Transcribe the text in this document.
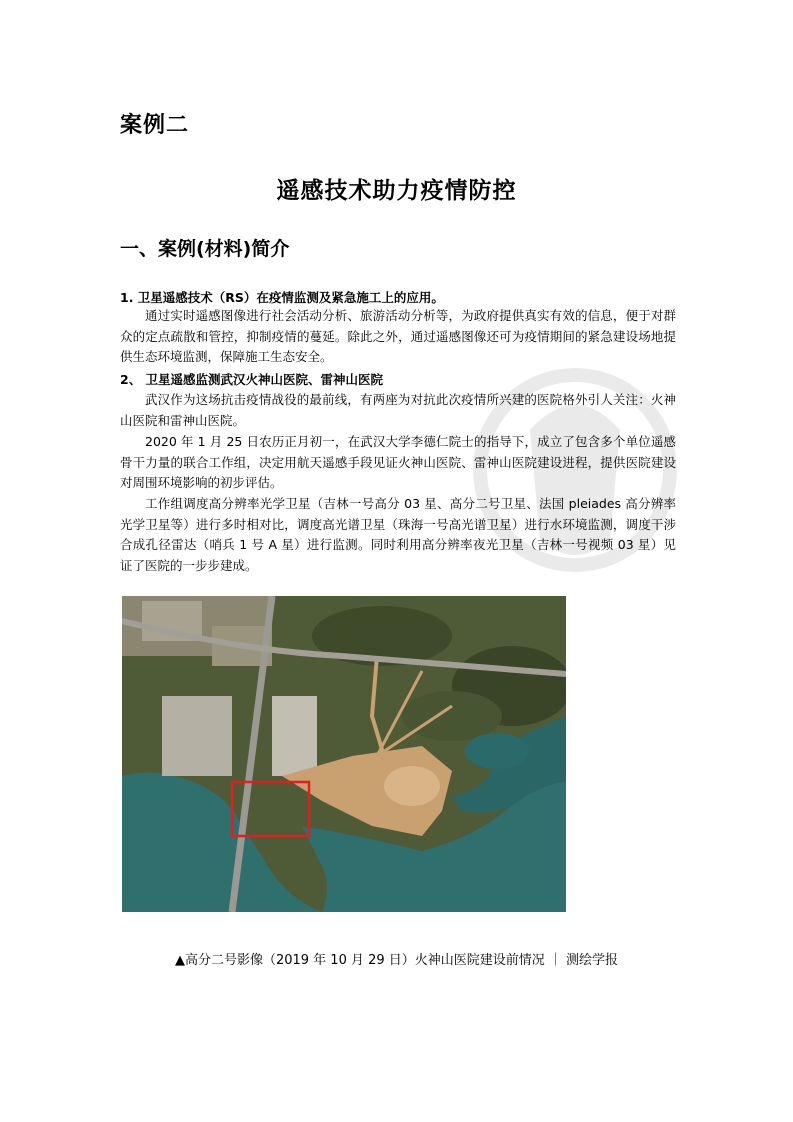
案例二
遥感技术助力疫情防控
一、案例(材料)简介
1. 卫星遥感技术（RS）在疫情监测及紧急施工上的应用。

通过实时遥感图像进行社会活动分析、旅游活动分析等，为政府提供真实有效的信息，便于对群众的定点疏散和管控，抑制疫情的蔓延。除此之外，通过遥感图像还可为疫情期间的紧急建设场地提供生态环境监测，保障施工生态安全。

2、 卫星遥感监测武汉火神山医院、雷神山医院

武汉作为这场抗击疫情战役的最前线，有两座为对抗此次疫情所兴建的医院格外引人关注：火神山医院和雷神山医院。

2020 年 1 月 25 日农历正月初一，在武汉大学李德仁院士的指导下，成立了包含多个单位遥感骨干力量的联合工作组，决定用航天遥感手段见证火神山医院、雷神山医院建设进程，提供医院建设对周围环境影响的初步评估。

工作组调度高分辨率光学卫星（吉林一号高分 03 星、高分二号卫星、法国 pleiades 高分辨率光学卫星等）进行多时相对比，调度高光谱卫星（珠海一号高光谱卫星）进行水环境监测，调度干涉合成孔径雷达（哨兵 1 号 A 星）进行监测。同时利用高分辨率夜光卫星（吉林一号视频 03 星）见证了医院的一步步建成。

▲高分二号影像（2019 年 10 月 29 日）火神山医院建设前情况 ｜ 测绘学报
